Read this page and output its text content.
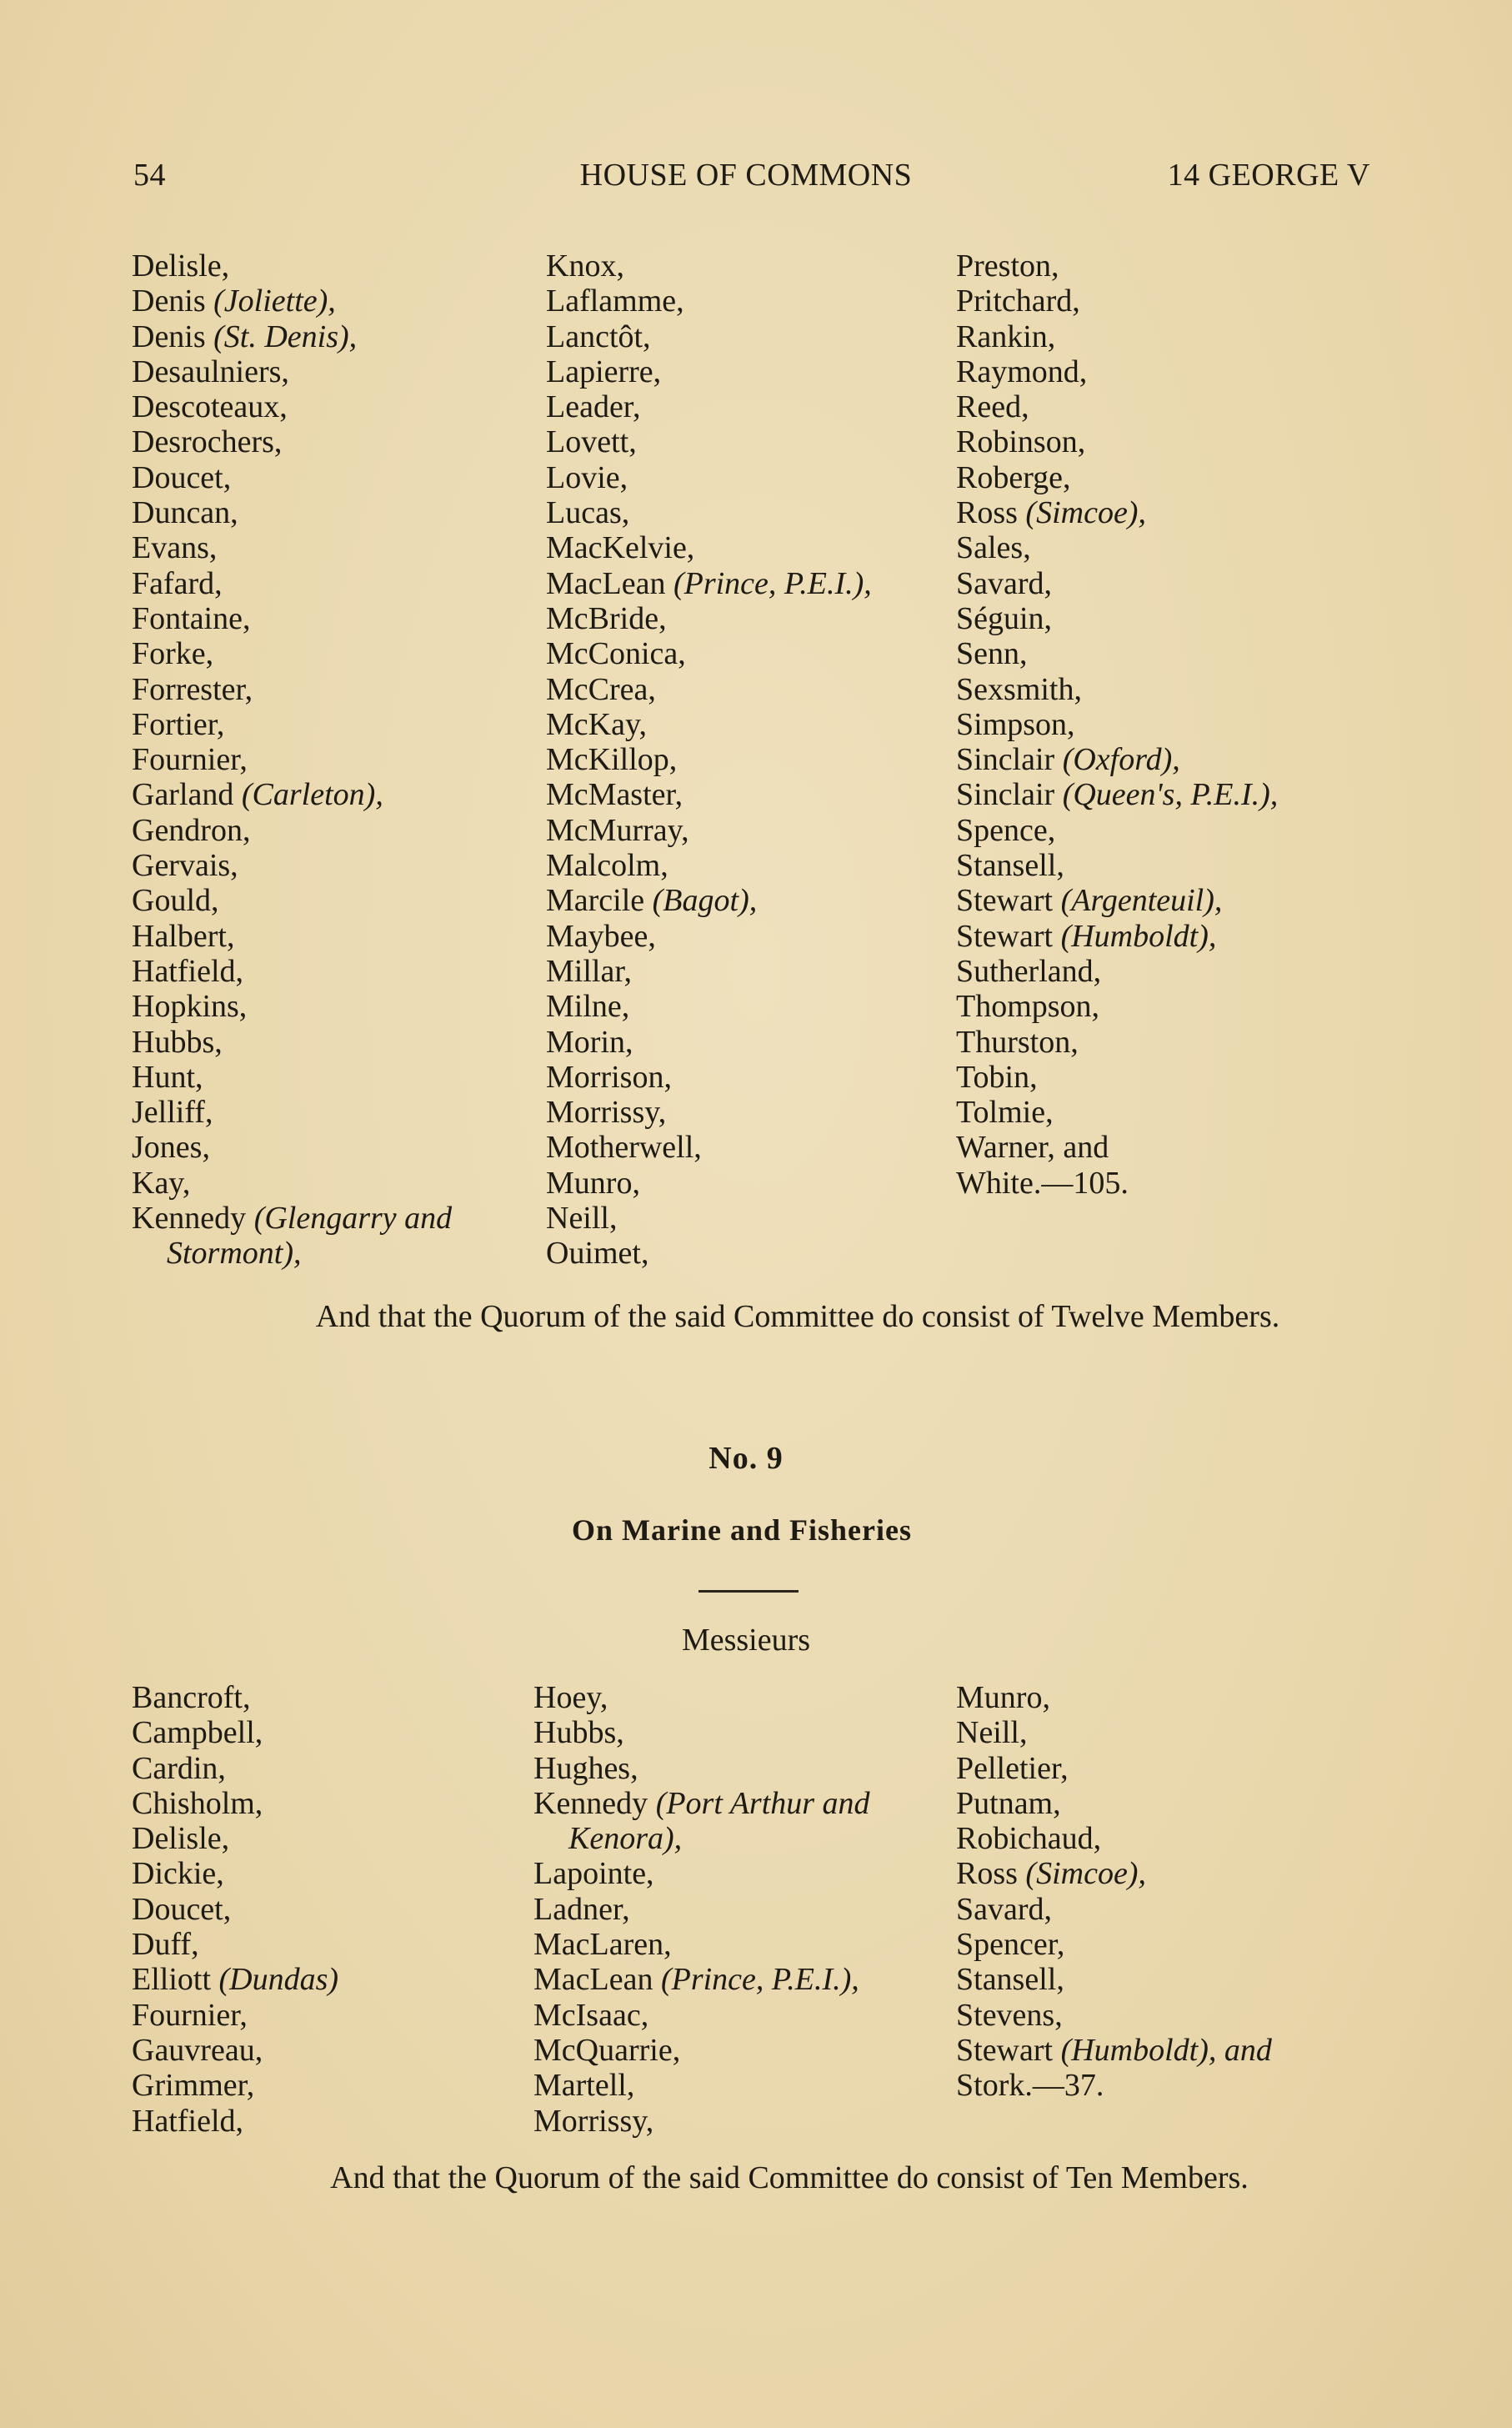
54	HOUSE OF COMMONS	14 GEORGE V
Delisle,
Denis (Joliette),
Denis (St. Denis),
Desaulniers,
Descoteaux,
Desrochers,
Doucet,
Duncan,
Evans,
Fafard,
Fontaine,
Forke,
Forrester,
Fortier,
Fournier,
Garland (Carleton),
Gendron,
Gervais,
Gould,
Halbert,
Hatfield,
Hopkins,
Hubbs,
Hunt,
Jelliff,
Jones,
Kay,
Kennedy (Glengarry and
Stormont),
Knox,
Laflamme,
Lanctôt,
Lapierre,
Leader,
Lovett,
Lovie,
Lucas,
MacKelvie,
MacLean (Prince, P.E.I.),
McBride,
McConica,
McCrea,
McKay,
McKillop,
McMaster,
McMurray,
Malcolm,
Marcile (Bagot),
Maybee,
Millar,
Milne,
Morin,
Morrison,
Morrissy,
Motherwell,
Munro,
Neill,
Ouimet,
Preston,
Pritchard,
Rankin,
Raymond,
Reed,
Robinson,
Roberge,
Ross (Simcoe),
Sales,
Savard,
Séguin,
Senn,
Sexsmith,
Simpson,
Sinclair (Oxford),
Sinclair (Queen's, P.E.I.),
Spence,
Stansell,
Stewart (Argenteuil),
Stewart (Humboldt),
Sutherland,
Thompson,
Thurston,
Tobin,
Tolmie,
Warner, and
White.—105.
And that the Quorum of the said Committee do consist of Twelve Members.
No. 9
On Marine and Fisheries
Messieurs
Bancroft,
Campbell,
Cardin,
Chisholm,
Delisle,
Dickie,
Doucet,
Duff,
Elliott (Dundas)
Fournier,
Gauvreau,
Grimmer,
Hatfield,
Hoey,
Hubbs,
Hughes,
Kennedy (Port Arthur and
Kenora),
Lapointe,
Ladner,
MacLaren,
MacLean (Prince, P.E.I.),
McIsaac,
McQuarrie,
Martell,
Morrissy,
Munro,
Neill,
Pelletier,
Putnam,
Robichaud,
Ross (Simcoe),
Savard,
Spencer,
Stansell,
Stevens,
Stewart (Humboldt), and
Stork.—37.
And that the Quorum of the said Committee do consist of Ten Members.
